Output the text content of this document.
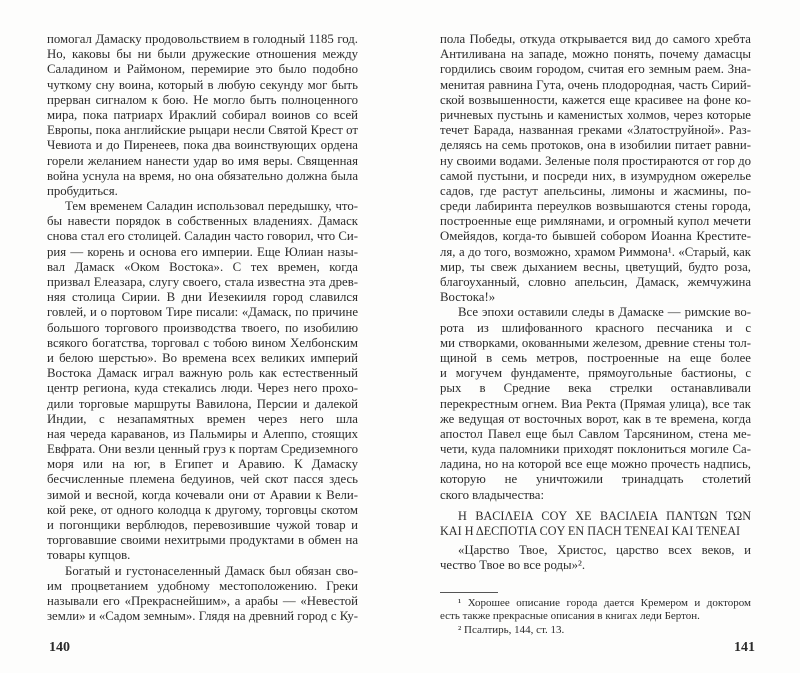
помогал Дамаску продовольствием в голодный 1185 год.
Но, каковы бы ни были дружеские отношения между
Саладином и Раймоном, перемирие это было подобно
чуткому сну воина, который в любую секунду мог быть
прерван сигналом к бою. Не могло быть полноценного
мира, пока патриарх Ираклий собирал воинов со всей
Европы, пока английские рыцари несли Святой Крест от
Чевиота и до Пиренеев, пока два воинствующих ордена
горели желанием нанести удар во имя веры. Священная
война уснула на время, но она обязательно должна была
пробудиться.
Тем временем Саладин использовал передышку, что-
бы навести порядок в собственных владениях. Дамаск
снова стал его столицей. Саладин часто говорил, что Си-
рия — корень и основа его империи. Еще Юлиан назы-
вал Дамаск «Оком Востока». С тех времен, когда
призвал Елеазара, слугу своего, стала известна эта древ-
няя столица Сирии. В дни Иезекииля город славился
говлей, и о портовом Тире писали: «Дамаск, по причине
большого торгового производства твоего, по изобилию
всякого богатства, торговал с тобою вином Хелбонским
и белою шерстью». Во времена всех великих империй
Востока Дамаск играл важную роль как естественный
центр региона, куда стекались люди. Через него прохо-
дили торговые маршруты Вавилона, Персии и далекой
Индии, с незапамятных времен через него шла
ная череда караванов, из Пальмиры и Алеппо, стоящих
Евфрата. Они везли ценный груз к портам Средиземного
моря или на юг, в Египет и Аравию. К Дамаску
бесчисленные племена бедуинов, чей скот пасся здесь
зимой и весной, когда кочевали они от Аравии к Вели-
кой реке, от одного колодца к другому, торговцы скотом
и погонщики верблюдов, перевозившие чужой товар и
торговавшие своими нехитрыми продуктами в обмен на
товары купцов.
Богатый и густонаселенный Дамаск был обязан сво-
им процветанием удобному местоположению. Греки
называли его «Прекраснейшим», а арабы — «Невестой
земли» и «Садом земным». Глядя на древний город с Ку-
пола Победы, откуда открывается вид до самого хребта
Антиливана на западе, можно понять, почему дамасцы
гордились своим городом, считая его земным раем. Зна-
менитая равнина Гута, очень плодородная, часть Сирий-
ской возвышенности, кажется еще красивее на фоне ко-
ричневых пустынь и каменистых холмов, через которые
течет Барада, названная греками «Златоструйной». Раз-
деляясь на семь протоков, она в изобилии питает равни-
ну своими водами. Зеленые поля простираются от гор до
самой пустыни, и посреди них, в изумрудном ожерелье
садов, где растут апельсины, лимоны и жасмины, по-
среди лабиринта переулков возвышаются стены города,
построенные еще римлянами, и огромный купол мечети
Омейядов, когда-то бывшей собором Иоанна Крестите-
ля, а до того, возможно, храмом Риммона¹. «Старый, как
мир, ты свеж дыханием весны, цветущий, будто роза,
благоуханный, словно апельсин, Дамаск, жемчужина
Востока!»
Все эпохи оставили следы в Дамаске — римские во-
рота из шлифованного красного песчаника и с
ми створками, окованными железом, древние стены тол-
щиной в семь метров, построенные на еще более
и могучем фундаменте, прямоугольные бастионы, с
рых в Средние века стрелки останавливали
перекрестным огнем. Виа Ректа (Прямая улица), все так
же ведущая от восточных ворот, как в те времена, когда
апостол Павел еще был Савлом Тарсянином, стена ме-
чети, куда паломники приходят поклониться могиле Са-
ладина, но на которой все еще можно прочесть надпись,
которую не уничтожили тринадцать столетий
ского владычества:
Η ΒΑCΙΛΕΙΑ COY XE ΒΑCΙΛΕΙΑ ΠΑΝΤΩΝ ΤΩΝ
ΚΑΙ Η ΔΕCΠΟΤΙΑ COY EN ΠΑCΗ ΤΕΝΕΑΙ ΚΑΙ ΤΕΝΕΑΙ
«Царство Твое, Христос, царство всех веков, и
чество Твое во все роды»².
¹ Хорошее описание города дается Кремером и доктором
есть также прекрасные описания в книгах леди Бертон.
² Псалтирь, 144, ст. 13.
140	141
